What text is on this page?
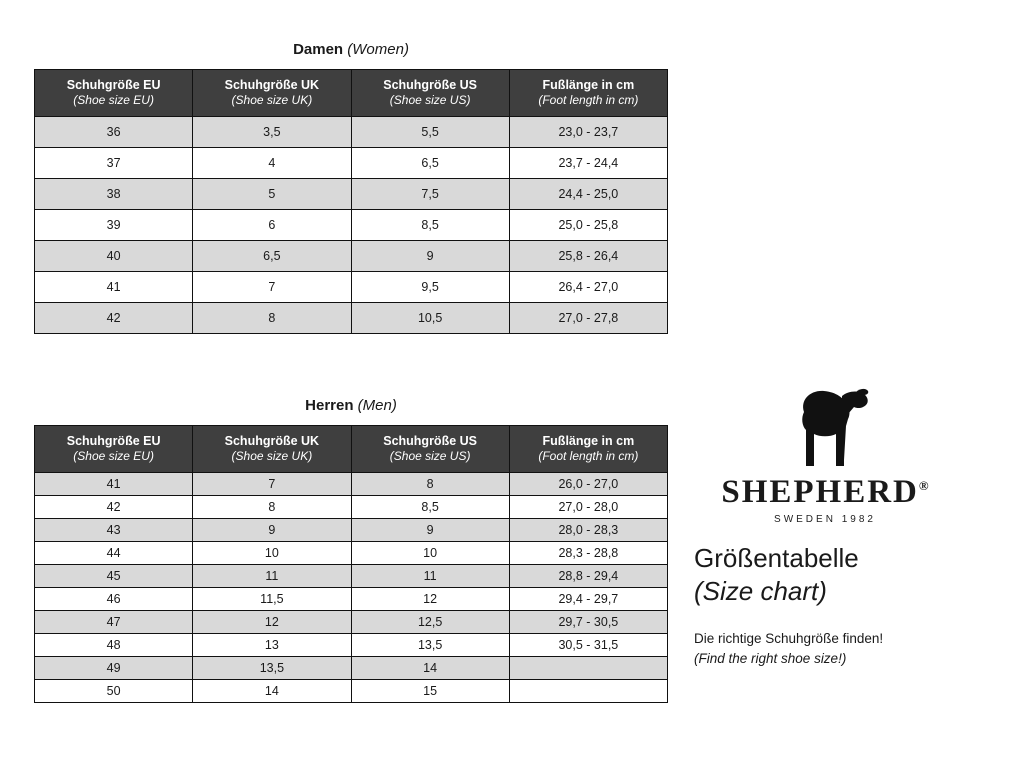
Damen (Women)
Schuhgröße EU
(Shoe size EU)	Schuhgröße UK
(Shoe size UK)	Schuhgröße US
(Shoe size US)	Fußlänge in cm
(Foot length in cm)

36	3,5	5,5	23,0 - 23,7
37	4	6,5	23,7 - 24,4
38	5	7,5	24,4 - 25,0
39	6	8,5	25,0 - 25,8
40	6,5	9	25,8 - 26,4
41	7	9,5	26,4 - 27,0
42	8	10,5	27,0 - 27,8
Herren (Men)
Schuhgröße EU
(Shoe size EU)	Schuhgröße UK
(Shoe size UK)	Schuhgröße US
(Shoe size US)	Fußlänge in cm
(Foot length in cm)

41	7	8	26,0 - 27,0
42	8	8,5	27,0 - 28,0
43	9	9	28,0 - 28,3
44	10	10	28,3 - 28,8
45	11	11	28,8 - 29,4
46	11,5	12	29,4 - 29,7
47	12	12,5	29,7 - 30,5
48	13	13,5	30,5 - 31,5
49	13,5	14	
50	14	15	
SHEPHERD®
SWEDEN 1982
Größentabelle
(Size chart)
Die richtige Schuhgröße finden!
(Find the right shoe size!)
